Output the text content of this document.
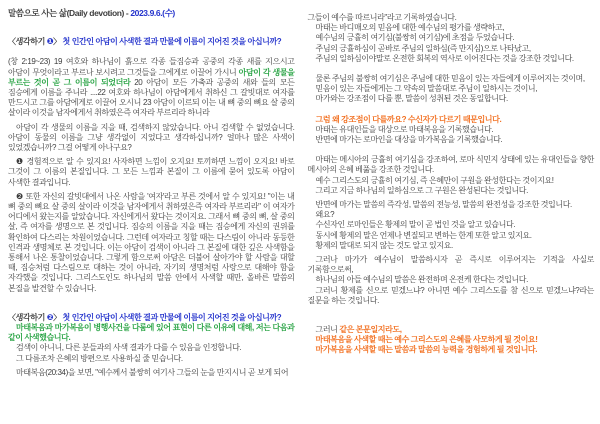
말씀으로 사는 삶(Daily devotion) - 2023.9.6.(수)

〈생각하기 ❶〉 첫 인간인 아담이 사색한 결과 만물에 이름이 지어진 것을 아십니까?

(창 2:19~23) 19 여호와 하나님이 흙으로 각종 들짐승과 공중의 각종 새를 지으시고 아담이 무엇이라고 부르나 보시려고 그것들을 그에게로 이끌어 가시니 아담이 각 생물을 부르는 것이 곧 그 이름이 되었더라 20 아담이 모든 가축과 공중의 새와 들의 모든 짐승에게 이름을 주니라 ....22 여호와 하나님이 아담에게서 취하신 그 갈빗대로 여자를 만드시고 그를 아담에게로 이끌어 오시니 23 아담이 이르되 이는 내 뼈 중의 뼈요 살 중의 살이라 이것을 남자에게서 취하였은즉 여자라 부르리라 하니라

아담이 각 생물의 이름을 지을 때, 검색하지 않았습니다. 아니 검색할 수 없었습니다. 아담이 동물의 이름을 그냥 생각없이 지었다고 생각하십니까? 얼마나 많은 사색이 있었겠습니까? 그걸 어떻게 아나구요?

❶ 경험적으로 알 수 있지요! 사자하면 느낌이 오지요! 토끼하면 느낌이 오지요! 바로 그것이 그 이름의 본질입니다. 그 모든 느낌과 본질이 그 이름에 묻어 있도록 아담이 사색한 결과입니다.

❷ 또한 자신의 갈빗대에서 나온 사람을 '여자'라고 부른 것에서 알 수 있지요! "이는 내 뼈 중의 뼈요 살 중의 살이라 이것을 남자에게서 취하였은즉 여자라 부르리라" 이 여자가 어디에서 왔는지를 알았습니다. 자신에게서 왔다는 것이지요. 그래서 뼈 중의 뼈, 살 중의 살, 즉 여자를 생명으로 본 것입니다. 짐승의 이름을 지을 때는 짐승에게 자신의 권위를 확인하여 다스리는 차원이었습니다. 그런데 여자라고 칭할 때는 다스림이 아니라 동등한 인격과 생명체로 본 것입니다. 이는 아담이 검색이 아니라 그 본질에 대한 깊은 사색함을 통해서 나온 통찰이었습니다. 그렇게 함으로써 아담은 더불어 살아가야 할 사람을 대할 때, 짐승처럼 다스림으로 대하는 것이 아니라, 자기의 생명처럼 사랑으로 대해야 함을 자각했을 것입니다. 그리스도인도 하나님의 말씀 안에서 사색할 때만, 올바른 말씀의 본질을 발견할 수 있습니다.

〈생각하기 ❷〉 첫 인간인 아담이 사색한 결과 만물에 이름이 지어진 것을 아십니까?

마태복음과 마가복음이 병행사건을 다룸에 있어 표현이 다른 이유에 대해, 저는 다음과 같이 사색했습니다.

검색이 아니니, 다른 분들과의 사색 결과가 다를 수 있음을 인정합니다.

그 다름조차 은혜의 방편으로 사용하실 줄 믿습니다.

마태복음(20:34)을 보면, "예수께서 불쌍히 여기사 그들의 눈을 만지시니 곧 보게 되어

그들이 예수를 따르니라"라고 기록하였습니다.

마태는 바디매오의 믿음에 대한 예수님의 평가를 생략하고,

예수님의 긍휼히 여기심(불쌍히 여기심)에 초점을 두었습니다.

주님의 긍휼하심이 곧바로 주님의 일하심(즉 만지심)으로 나타났고,

주님의 일하심이야말로 온전한 회복의 역사로 이어진다는 것을 강조한 것입니다.

물론 주님의 불쌍히 여기심은 주님에 대한 믿음이 있는 자들에게 이루어지는 것이며,

믿음이 있는 자들에게는 그 약속의 말씀대로 주님이 일하시는 것이니,

마가와는 강조점이 다를 뿐, 말씀이 성취된 것은 동일합니다.

그럼 왜 강조점이 다를까요? 수신자가 다르기 때문입니다.

마태는 유대인들을 대상으로 마태복음을 기록했습니다.

반면에 마가는 로마인을 대상을 마가복음을 기록했습니다.

마태는 메시아의 긍휼히 여기심을 강조하여, 로마 식민지 상태에 있는 유대인들을 향한 메시아의 은혜 베풂을 강조한 것입니다.

예수 그리스도의 긍휼히 여기심, 즉 은혜만이 구원을 완성한다는 것이지요!

그리고 지금 하나님의 일하심으로 그 구원은 완성된다는 것입니다.

반면에 마가는 말씀의 즉각성, 말씀의 전능성, 말씀의 완전성을 강조한 것입니다.

왜요?

수신자인 로마인들은 황제의 말이 곧 법인 것을 알고 있습니다.

동시에 황제의 말은 언제나 변질되고 변하는 한계 또한 알고 있지요.

황제의 말대로 되지 않는 것도 알고 있지요.

그러나 마가가 예수님이 말씀하시자 곧 즉시로 이루어지는 기적을 사실로 기록함으로써,

하나님의 아들 예수님의 말씀은 완전하며 온전케 한다는 것입니다.

그러니 황제를 신으로 믿겠느냐? 아니면 예수 그리스도를 참 신으로 믿겠느냐?라는 질문을 하는 것입니다.

그러니 같은 본문일지라도,

마태복음을 사색할 때는 예수 그리스도의 은혜를 사모하게 될 것이요!

마가복음을 사색할 때는 말씀과 말씀의 능력을 경험하게 될 것입니다.
